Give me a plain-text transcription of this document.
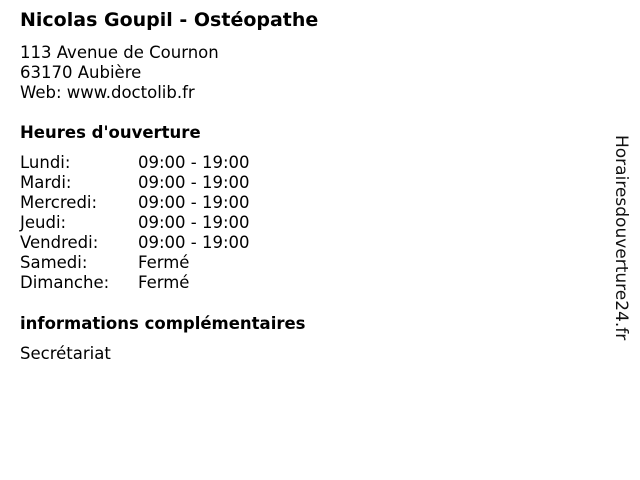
Nicolas Goupil - Ostéopathe
113 Avenue de Cournon
63170 Aubière
Web: www.doctolib.fr
Heures d'ouverture
Lundi:	09:00 - 19:00
Mardi:	09:00 - 19:00
Mercredi:	09:00 - 19:00
Jeudi:	09:00 - 19:00
Vendredi:	09:00 - 19:00
Samedi:	Fermé
Dimanche:	Fermé
informations complémentaires
Secrétariat
Horairesdouverture24.fr
